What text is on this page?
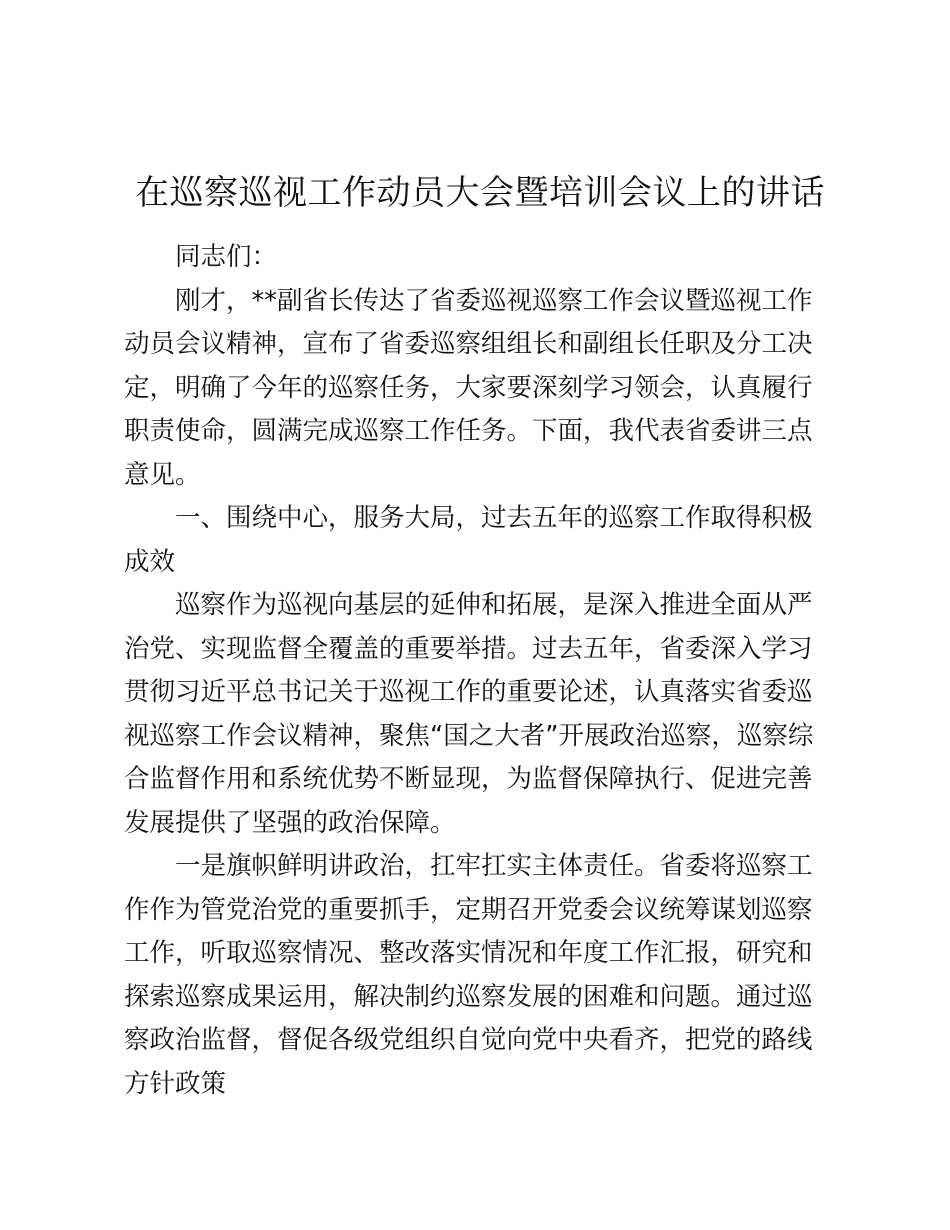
在巡察巡视工作动员大会暨培训会议上的讲话

同志们：

刚才，**副省长传达了省委巡视巡察工作会议暨巡视工作动员会议精神，宣布了省委巡察组组长和副组长任职及分工决定，明确了今年的巡察任务，大家要深刻学习领会，认真履行职责使命，圆满完成巡察工作任务。下面，我代表省委讲三点意见。

一、围绕中心，服务大局，过去五年的巡察工作取得积极成效

巡察作为巡视向基层的延伸和拓展，是深入推进全面从严治党、实现监督全覆盖的重要举措。过去五年，省委深入学习贯彻习近平总书记关于巡视工作的重要论述，认真落实省委巡视巡察工作会议精神，聚焦“国之大者”开展政治巡察，巡察综合监督作用和系统优势不断显现，为监督保障执行、促进完善发展提供了坚强的政治保障。

一是旗帜鲜明讲政治，扛牢扛实主体责任。省委将巡察工作作为管党治党的重要抓手，定期召开党委会议统筹谋划巡察工作，听取巡察情况、整改落实情况和年度工作汇报，研究和探索巡察成果运用，解决制约巡察发展的困难和问题。通过巡察政治监督，督促各级党组织自觉向党中央看齐，把党的路线方针政策
